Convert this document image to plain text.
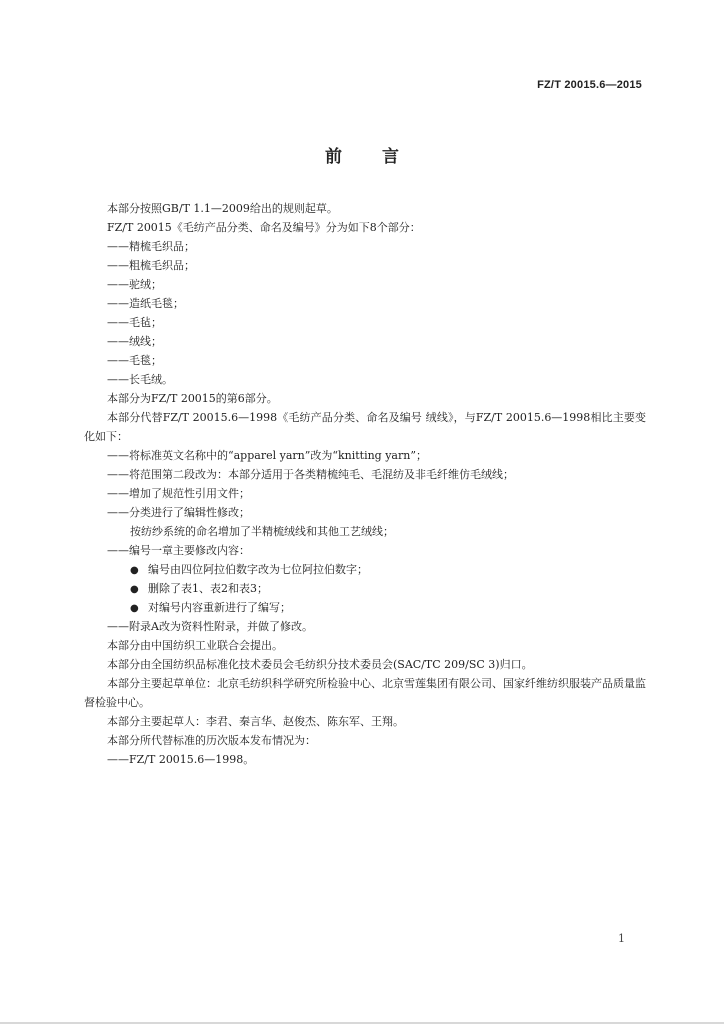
FZ/T 20015.6—2015
前言
本部分按照GB/T 1.1—2009给出的规则起草。
FZ/T 20015《毛纺产品分类、命名及编号》分为如下8个部分：
——精梳毛织品；
——粗梳毛织品；
——驼绒；
——造纸毛毯；
——毛毡；
——绒线；
——毛毯；
——长毛绒。
本部分为FZ/T 20015的第6部分。
本部分代替FZ/T 20015.6—1998《毛纺产品分类、命名及编号 绒线》，与FZ/T 20015.6—1998相比主要变化如下：
——将标准英文名称中的“apparel yarn”改为“knitting yarn”；
——将范围第二段改为：本部分适用于各类精梳纯毛、毛混纺及非毛纤维仿毛绒线；
——增加了规范性引用文件；
——分类进行了编辑性修改；
按纺纱系统的命名增加了半精梳绒线和其他工艺绒线；
——编号一章主要修改内容：
● 编号由四位阿拉伯数字改为七位阿拉伯数字；
● 删除了表1、表2和表3；
● 对编号内容重新进行了编写；
——附录A改为资料性附录，并做了修改。
本部分由中国纺织工业联合会提出。
本部分由全国纺织品标准化技术委员会毛纺织分技术委员会(SAC/TC 209/SC 3)归口。
本部分主要起草单位：北京毛纺织科学研究所检验中心、北京雪莲集团有限公司、国家纤维纺织服装产品质量监督检验中心。
本部分主要起草人：李君、秦言华、赵俊杰、陈东军、王翔。
本部分所代替标准的历次版本发布情况为：
——FZ/T 20015.6—1998。
1
